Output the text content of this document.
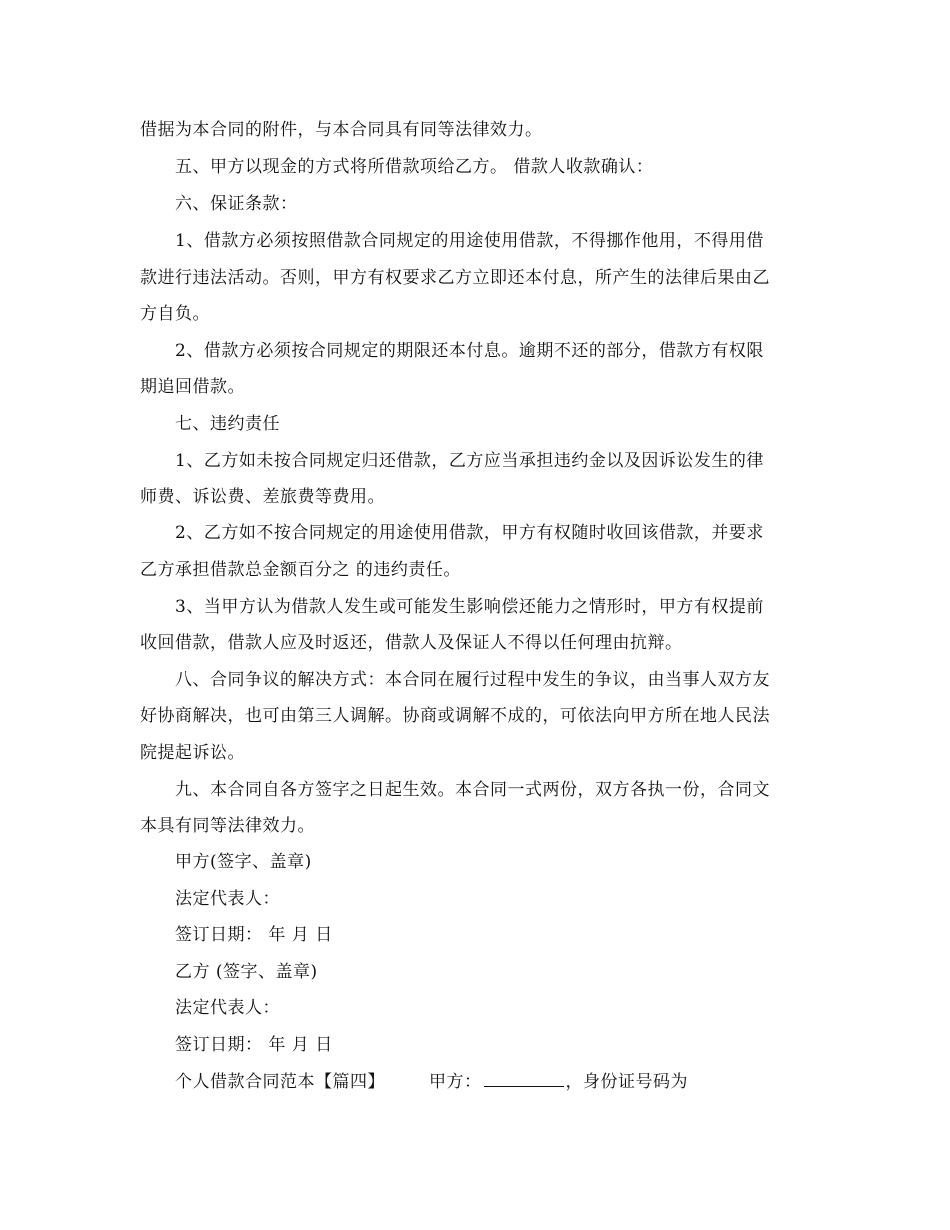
借据为本合同的附件，与本合同具有同等法律效力。
五、甲方以现金的方式将所借款项给乙方。 借款人收款确认：
六、保证条款：
1、借款方必须按照借款合同规定的用途使用借款，不得挪作他用，不得用借
款进行违法活动。否则，甲方有权要求乙方立即还本付息，所产生的法律后果由乙
方自负。
2、借款方必须按合同规定的期限还本付息。逾期不还的部分，借款方有权限
期追回借款。
七、违约责任
1、乙方如未按合同规定归还借款，乙方应当承担违约金以及因诉讼发生的律
师费、诉讼费、差旅费等费用。
2、乙方如不按合同规定的用途使用借款，甲方有权随时收回该借款，并要求
乙方承担借款总金额百分之 的违约责任。
3、当甲方认为借款人发生或可能发生影响偿还能力之情形时，甲方有权提前
收回借款，借款人应及时返还，借款人及保证人不得以任何理由抗辩。
八、合同争议的解决方式：本合同在履行过程中发生的争议，由当事人双方友
好协商解决，也可由第三人调解。协商或调解不成的，可依法向甲方所在地人民法
院提起诉讼。
九、本合同自各方签字之日起生效。本合同一式两份，双方各执一份，合同文
本具有同等法律效力。
甲方(签字、盖章)
法定代表人：
签订日期： 年 月 日
乙方 (签字、盖章)
法定代表人：
签订日期： 年 月 日
个人借款合同范本【篇四】	甲方：	，身份证号码为
